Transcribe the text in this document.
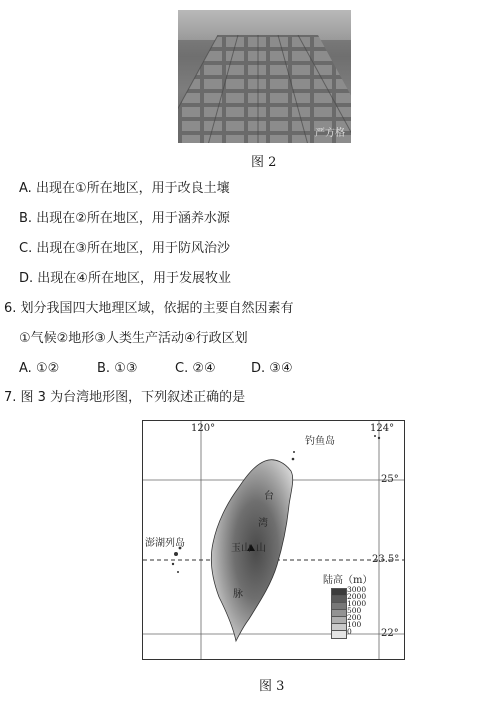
严方格
图 2
A. 出现在①所在地区，用于改良土壤
B. 出现在②所在地区，用于涵养水源
C. 出现在③所在地区，用于防风治沙
D. 出现在④所在地区，用于发展牧业
6. 划分我国四大地理区域，依据的主要自然因素有
①气候②地形③人类生产活动④行政区划
A. ①②	B. ①③	C. ②④	D. ③④
7. 图 3 为台湾地形图，下列叙述正确的是
120°	124°
钓鱼岛
25°
23.5°
22°
澎湖列岛
台
湾
山
脉
玉山
陆高（m）
3000
2000
1000
500
200
100
0
图 3
